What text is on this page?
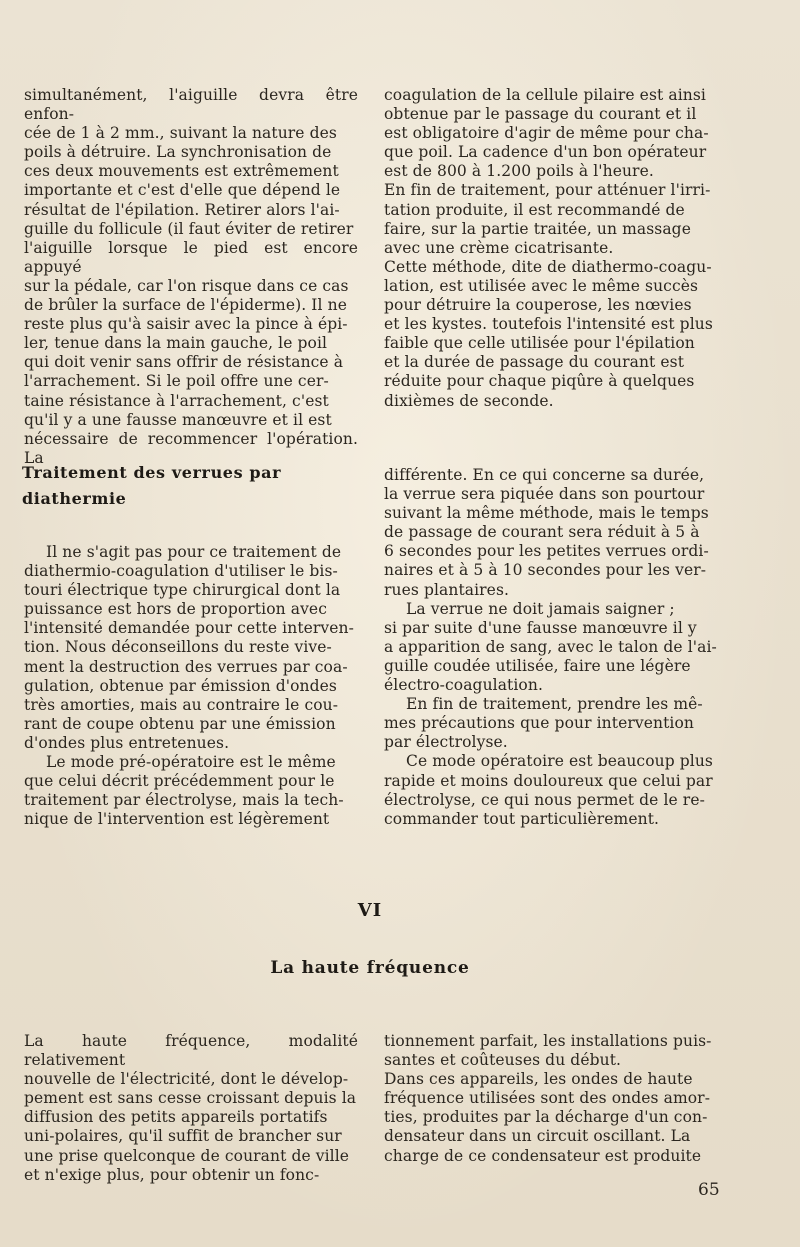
simultanément, l'aiguille devra être enfon-
cée de 1 à 2 mm., suivant la nature des
poils à détruire. La synchronisation de
ces deux mouvements est extrêmement
importante et c'est d'elle que dépend le
résultat de l'épilation. Retirer alors l'ai-
guille du follicule (il faut éviter de retirer
l'aiguille lorsque le pied est encore appuyé
sur la pédale, car l'on risque dans ce cas
de brûler la surface de l'épiderme). Il ne
reste plus qu'à saisir avec la pince à épi-
ler, tenue dans la main gauche, le poil
qui doit venir sans offrir de résistance à
l'arrachement. Si le poil offre une cer-
taine résistance à l'arrachement, c'est
qu'il y a une fausse manœuvre et il est
nécessaire de recommencer l'opération. La

coagulation de la cellule pilaire est ainsi
obtenue par le passage du courant et il
est obligatoire d'agir de même pour cha-
que poil. La cadence d'un bon opérateur
est de 800 à 1.200 poils à l'heure.
En fin de traitement, pour atténuer l'irri-
tation produite, il est recommandé de
faire, sur la partie traitée, un massage
avec une crème cicatrisante.
Cette méthode, dite de diathermo-coagu-
lation, est utilisée avec le même succès
pour détruire la couperose, les nœvies
et les kystes. toutefois l'intensité est plus
faible que celle utilisée pour l'épilation
et la durée de passage du courant est
réduite pour chaque piqûre à quelques
dixièmes de seconde.

Traitement des verrues par
diathermie

Il ne s'agit pas pour ce traitement de
diathermio-coagulation d'utiliser le bis-
touri électrique type chirurgical dont la
puissance est hors de proportion avec
l'intensité demandée pour cette interven-
tion. Nous déconseillons du reste vive-
ment la destruction des verrues par coa-
gulation, obtenue par émission d'ondes
très amorties, mais au contraire le cou-
rant de coupe obtenu par une émission
d'ondes plus entretenues.

Le mode pré-opératoire est le même
que celui décrit précédemment pour le
traitement par électrolyse, mais la tech-
nique de l'intervention est légèrement

différente. En ce qui concerne sa durée,
la verrue sera piquée dans son pourtour
suivant la même méthode, mais le temps
de passage de courant sera réduit à 5 à
6 secondes pour les petites verrues ordi-
naires et à 5 à 10 secondes pour les ver-
rues plantaires.

La verrue ne doit jamais saigner ;
si par suite d'une fausse manœuvre il y
a apparition de sang, avec le talon de l'ai-
guille coudée utilisée, faire une légère
électro-coagulation.

En fin de traitement, prendre les mê-
mes précautions que pour intervention
par électrolyse.

Ce mode opératoire est beaucoup plus
rapide et moins douloureux que celui par
électrolyse, ce qui nous permet de le re-
commander tout particulièrement.

VI
La haute fréquence

La haute fréquence, modalité relativement
nouvelle de l'électricité, dont le dévelop-
pement est sans cesse croissant depuis la
diffusion des petits appareils portatifs
uni-polaires, qu'il suffit de brancher sur
une prise quelconque de courant de ville
et n'exige plus, pour obtenir un fonc-

tionnement parfait, les installations puis-
santes et coûteuses du début.
Dans ces appareils, les ondes de haute
fréquence utilisées sont des ondes amor-
ties, produites par la décharge d'un con-
densateur dans un circuit oscillant. La
charge de ce condensateur est produite

65
